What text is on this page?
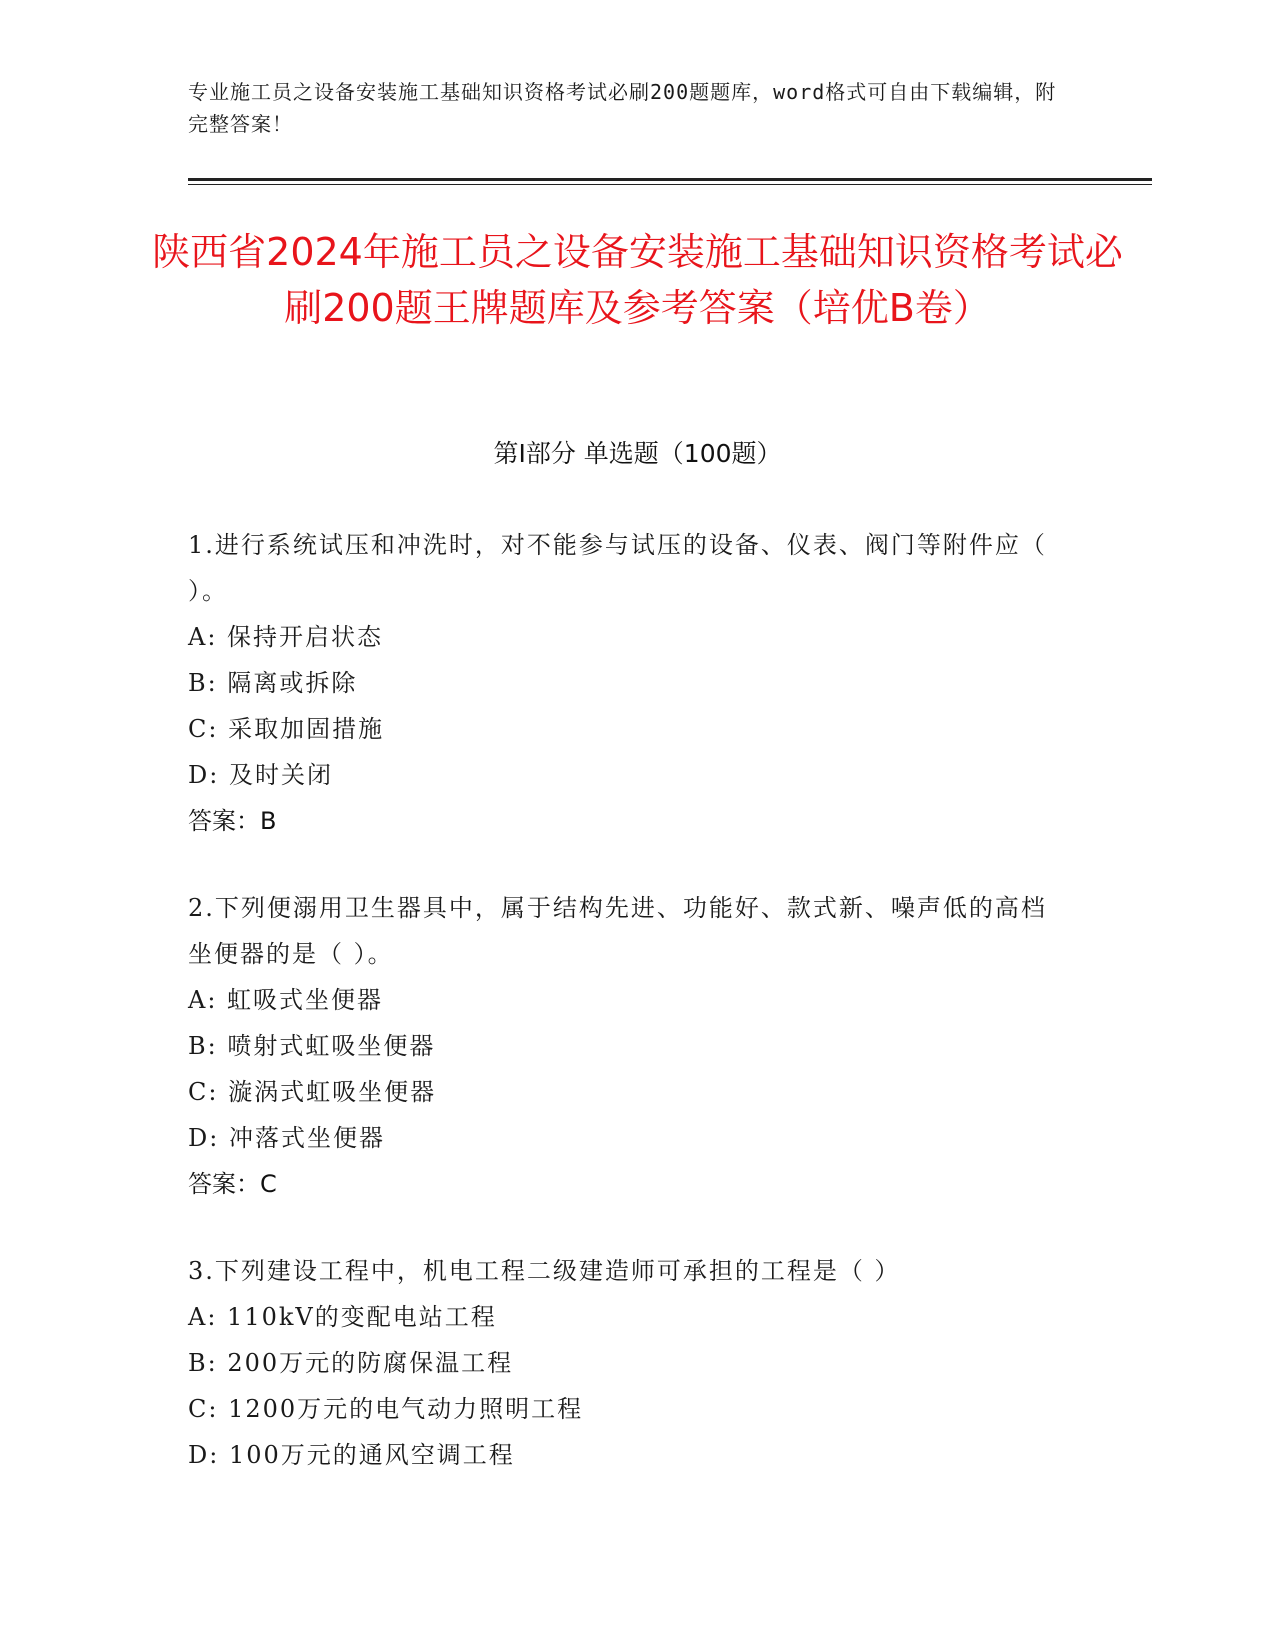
专业施工员之设备安装施工基础知识资格考试必刷200题题库，word格式可自由下载编辑，附完整答案！
陕西省2024年施工员之设备安装施工基础知识资格考试必刷200题王牌题库及参考答案（培优B卷）
第I部分 单选题（100题）
1.进行系统试压和冲洗时，对不能参与试压的设备、仪表、阀门等附件应（ ）。
A: 保持开启状态
B: 隔离或拆除
C: 采取加固措施
D: 及时关闭
答案：B
2.下列便溺用卫生器具中，属于结构先进、功能好、款式新、噪声低的高档坐便器的是（ ）。
A: 虹吸式坐便器
B: 喷射式虹吸坐便器
C: 漩涡式虹吸坐便器
D: 冲落式坐便器
答案：C
3.下列建设工程中，机电工程二级建造师可承担的工程是（ ）
A: 110kV的变配电站工程
B: 200万元的防腐保温工程
C: 1200万元的电气动力照明工程
D: 100万元的通风空调工程
